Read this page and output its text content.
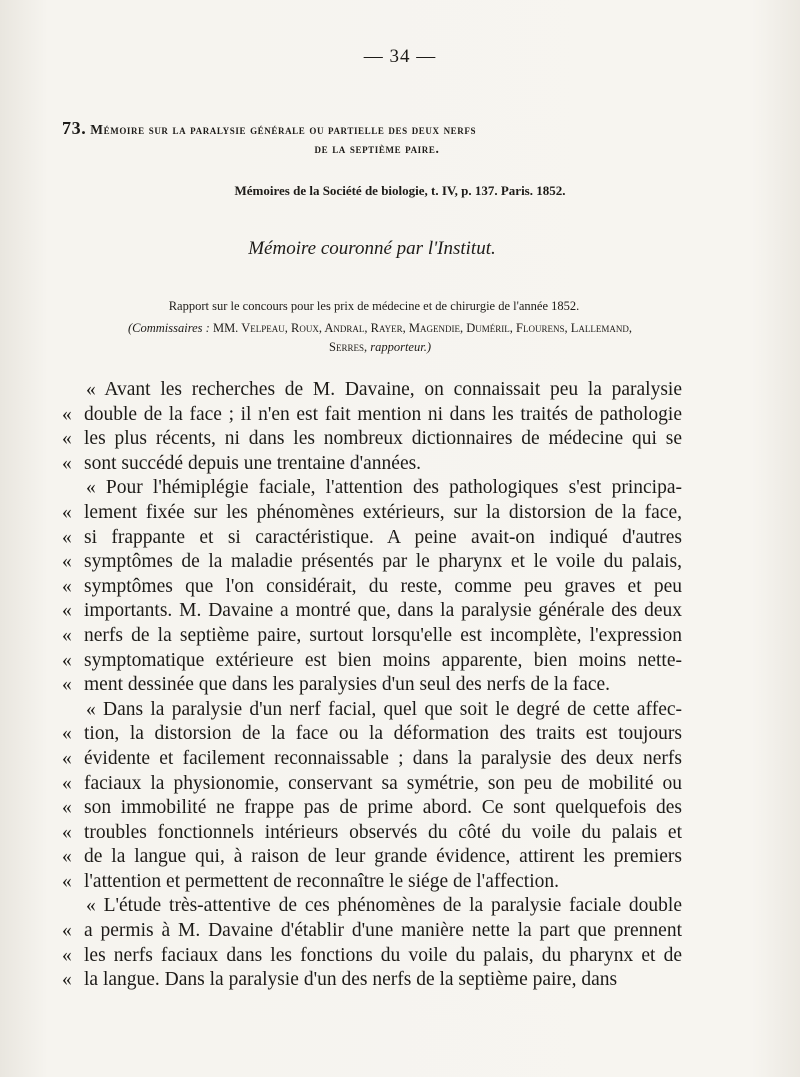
— 34 —
73. Mémoire sur la paralysie générale ou partielle des deux nerfs
de la septième paire.
Mémoires de la Société de biologie, t. IV, p. 137. Paris. 1852.
Mémoire couronné par l'Institut.
Rapport sur le concours pour les prix de médecine et de chirurgie de l'année 1852.
(Commissaires : MM. Velpeau, Roux, Andral, Rayer, Magendie, Duméril, Flourens, Lallemand,
Serres, rapporteur.)
« Avant les recherches de M. Davaine, on connaissait peu la paralysie
« double de la face ; il n'en est fait mention ni dans les traités de pathologie
« les plus récents, ni dans les nombreux dictionnaires de médecine qui se
« sont succédé depuis une trentaine d'années.
« Pour l'hémiplégie faciale, l'attention des pathologiques s'est principa-
« lement fixée sur les phénomènes extérieurs, sur la distorsion de la face,
« si frappante et si caractéristique. A peine avait-on indiqué d'autres
« symptômes de la maladie présentés par le pharynx et le voile du palais,
« symptômes que l'on considérait, du reste, comme peu graves et peu
« importants. M. Davaine a montré que, dans la paralysie générale des deux
« nerfs de la septième paire, surtout lorsqu'elle est incomplète, l'expression
« symptomatique extérieure est bien moins apparente, bien moins nette-
« ment dessinée que dans les paralysies d'un seul des nerfs de la face.
« Dans la paralysie d'un nerf facial, quel que soit le degré de cette affec-
« tion, la distorsion de la face ou la déformation des traits est toujours
« évidente et facilement reconnaissable ; dans la paralysie des deux nerfs
« faciaux la physionomie, conservant sa symétrie, son peu de mobilité ou
« son immobilité ne frappe pas de prime abord. Ce sont quelquefois des
« troubles fonctionnels intérieurs observés du côté du voile du palais et
« de la langue qui, à raison de leur grande évidence, attirent les premiers
« l'attention et permettent de reconnaître le siége de l'affection.
« L'étude très-attentive de ces phénomènes de la paralysie faciale double
« a permis à M. Davaine d'établir d'une manière nette la part que prennent
« les nerfs faciaux dans les fonctions du voile du palais, du pharynx et de
« la langue. Dans la paralysie d'un des nerfs de la septième paire, dans
